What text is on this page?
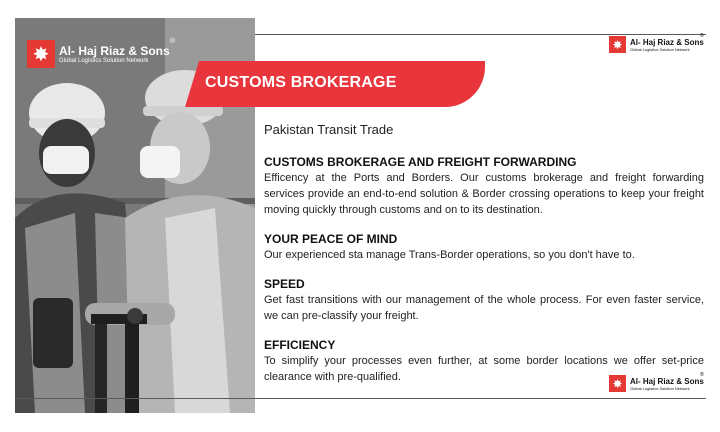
✸ Al- Haj Riaz & Sons
Global Logistics Solution Network
®	✸ Al- Haj Riaz & Sons
Global Logistics Solution Network
®
CUSTOMS BROKERAGE
Pakistan Transit Trade
CUSTOMS BROKERAGE AND FREIGHT FORWARDING

Efficency at the Ports and Borders. Our customs brokerage and freight forwarding services provide an end-to-end solution & Border crossing operations to keep your freight moving quickly through customs and on to its destination.

YOUR PEACE OF MIND

Our experienced sta manage Trans-Border operations, so you don't have to.

SPEED

Get fast transitions with our management of the whole process. For even faster service, we can pre-classify your freight.

EFFICIENCY

To simplify your processes even further, at some border locations we offer set-price clearance with pre-qualified.	✸ Al- Haj Riaz & Sons
Global Logistics Solution Network
®
